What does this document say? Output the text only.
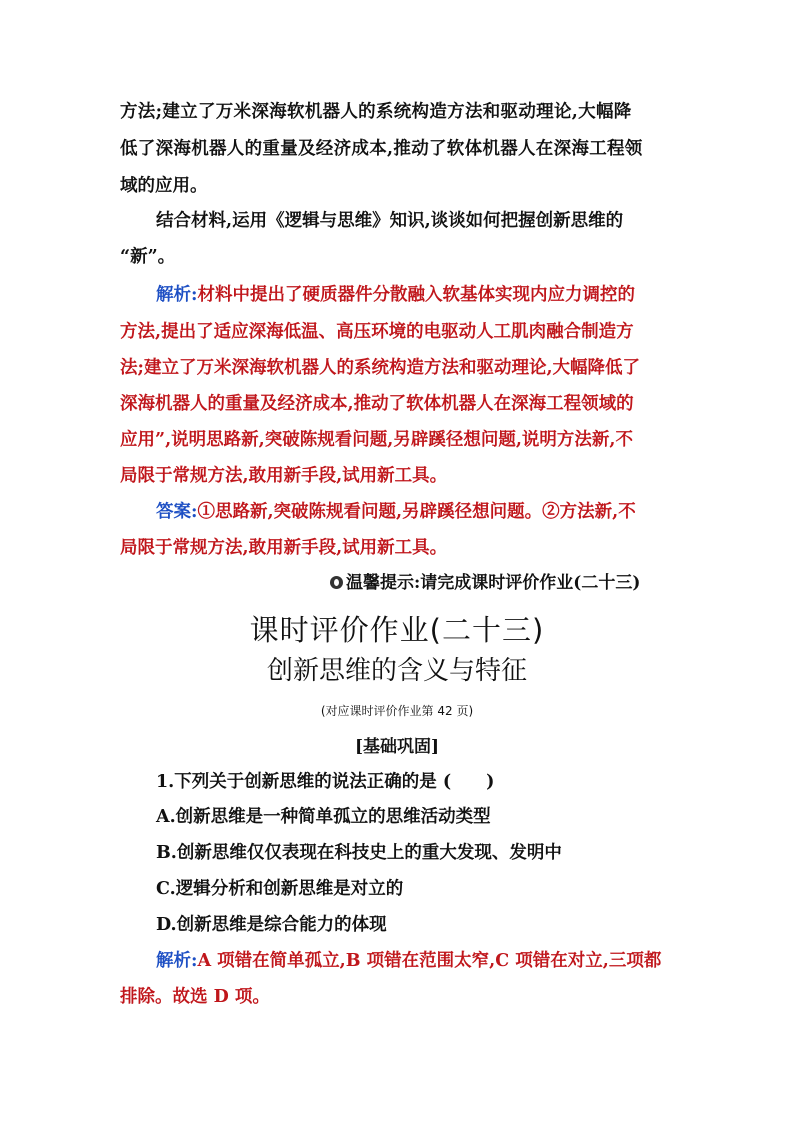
方法;建立了万米深海软机器人的系统构造方法和驱动理论,大幅降
低了深海机器人的重量及经济成本,推动了软体机器人在深海工程领
域的应用。
结合材料,运用《逻辑与思维》知识,谈谈如何把握创新思维的
“新”。
解析:材料中提出了硬质器件分散融入软基体实现内应力调控的
方法,提出了适应深海低温、高压环境的电驱动人工肌肉融合制造方
法;建立了万米深海软机器人的系统构造方法和驱动理论,大幅降低了
深海机器人的重量及经济成本,推动了软体机器人在深海工程领域的
应用”,说明思路新,突破陈规看问题,另辟蹊径想问题,说明方法新,不
局限于常规方法,敢用新手段,试用新工具。
答案:①思路新,突破陈规看问题,另辟蹊径想问题。②方法新,不
局限于常规方法,敢用新手段,试用新工具。
温馨提示:请完成课时评价作业(二十三)
课时评价作业(二十三)
创新思维的含义与特征
(对应课时评价作业第 42 页)
[基础巩固]
1.下列关于创新思维的说法正确的是 (　　)
A.创新思维是一种简单孤立的思维活动类型
B.创新思维仅仅表现在科技史上的重大发现、发明中
C.逻辑分析和创新思维是对立的
D.创新思维是综合能力的体现
解析:A 项错在简单孤立,B 项错在范围太窄,C 项错在对立,三项都
排除。故选 D 项。
